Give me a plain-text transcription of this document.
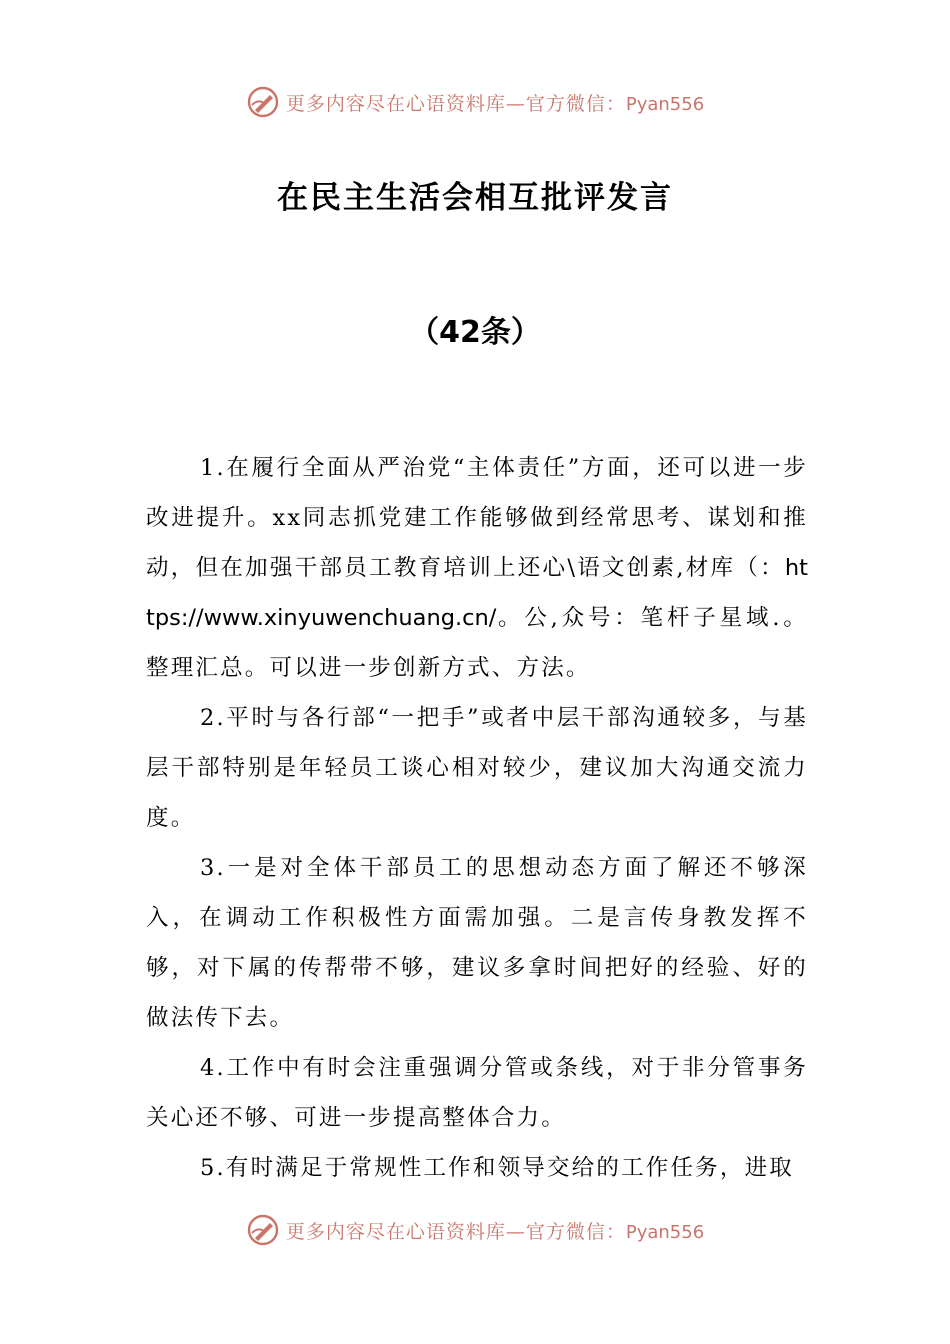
更多内容尽在心语资料库—官方微信：Pyan556
在民主生活会相互批评发言
（42条）

1.在履行全面从严治党“主体责任”方面，还可以进一步改进提升。xx同志抓党建工作能够做到经常思考、谋划和推动，但在加强干部员工教育培训上还心\语文创素,材库（：https://www.xinyuwenchuang.cn/。公,众号：笔杆子星域.。整理汇总。可以进一步创新方式、方法。

2.平时与各行部“一把手”或者中层干部沟通较多，与基层干部特别是年轻员工谈心相对较少，建议加大沟通交流力度。

3.一是对全体干部员工的思想动态方面了解还不够深入，在调动工作积极性方面需加强。二是言传身教发挥不够，对下属的传帮带不够，建议多拿时间把好的经验、好的做法传下去。

4.工作中有时会注重强调分管或条线，对于非分管事务关心还不够、可进一步提高整体合力。

5.有时满足于常规性工作和领导交给的工作任务，进取

更多内容尽在心语资料库—官方微信：Pyan556
